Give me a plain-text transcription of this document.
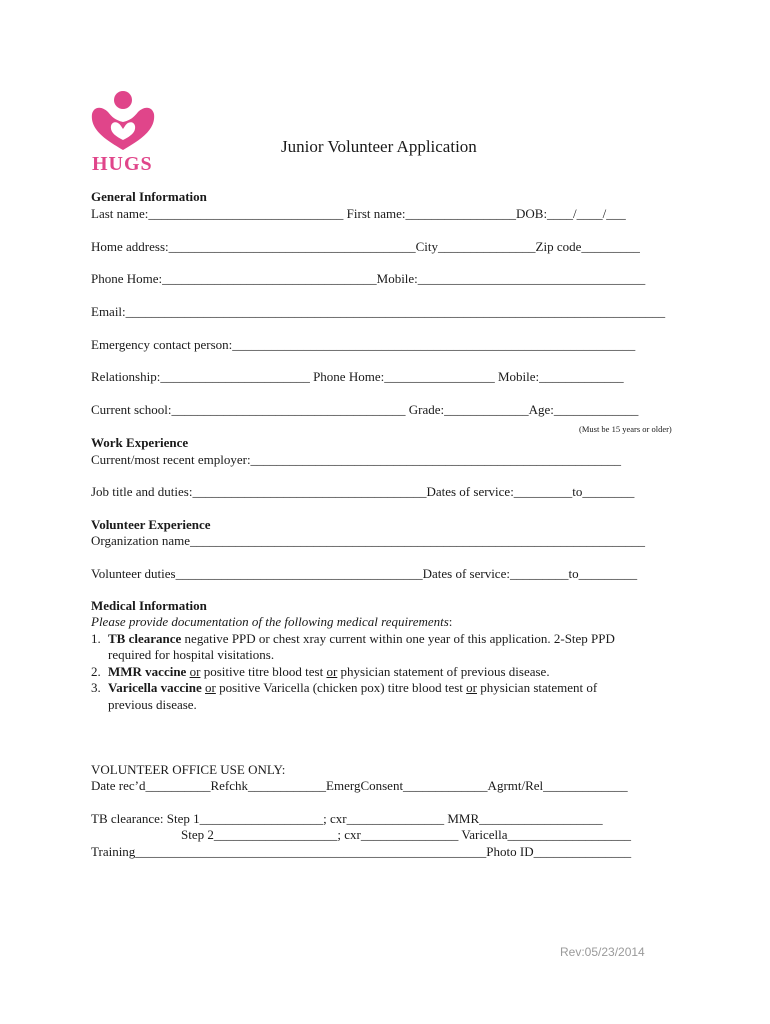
HUGS
Junior Volunteer Application
General Information
Last name:______________________________ First name:_________________DOB:____/____/___
Home address:______________________________________City_______________Zip code_________
Phone Home:_________________________________Mobile:___________________________________
Email:___________________________________________________________________________________
Emergency contact person:______________________________________________________________
Relationship:_______________________ Phone Home:_________________ Mobile:_____________
Current school:____________________________________ Grade:_____________Age:_____________
(Must be 15 years or older)
Work Experience
Current/most recent employer:_________________________________________________________
Job title and duties:____________________________________Dates of service:_________to________
Volunteer Experience
Organization name______________________________________________________________________
Volunteer duties______________________________________Dates of service:_________to_________
Medical Information
Please provide documentation of the following medical requirements:
1. TB clearance negative PPD or chest xray current within one year of this application. 2-Step PPD
required for hospital visitations.
2. MMR vaccine or positive titre blood test or physician statement of previous disease.
3. Varicella vaccine or positive Varicella (chicken pox) titre blood test or physician statement of
previous disease.
VOLUNTEER OFFICE USE ONLY:
Date rec’d__________Refchk____________EmergConsent_____________Agrmt/Rel_____________
TB clearance: Step 1___________________; cxr_______________ MMR___________________
Step 2___________________; cxr_______________ Varicella___________________
Training______________________________________________________Photo ID_______________
Rev:05/23/2014
